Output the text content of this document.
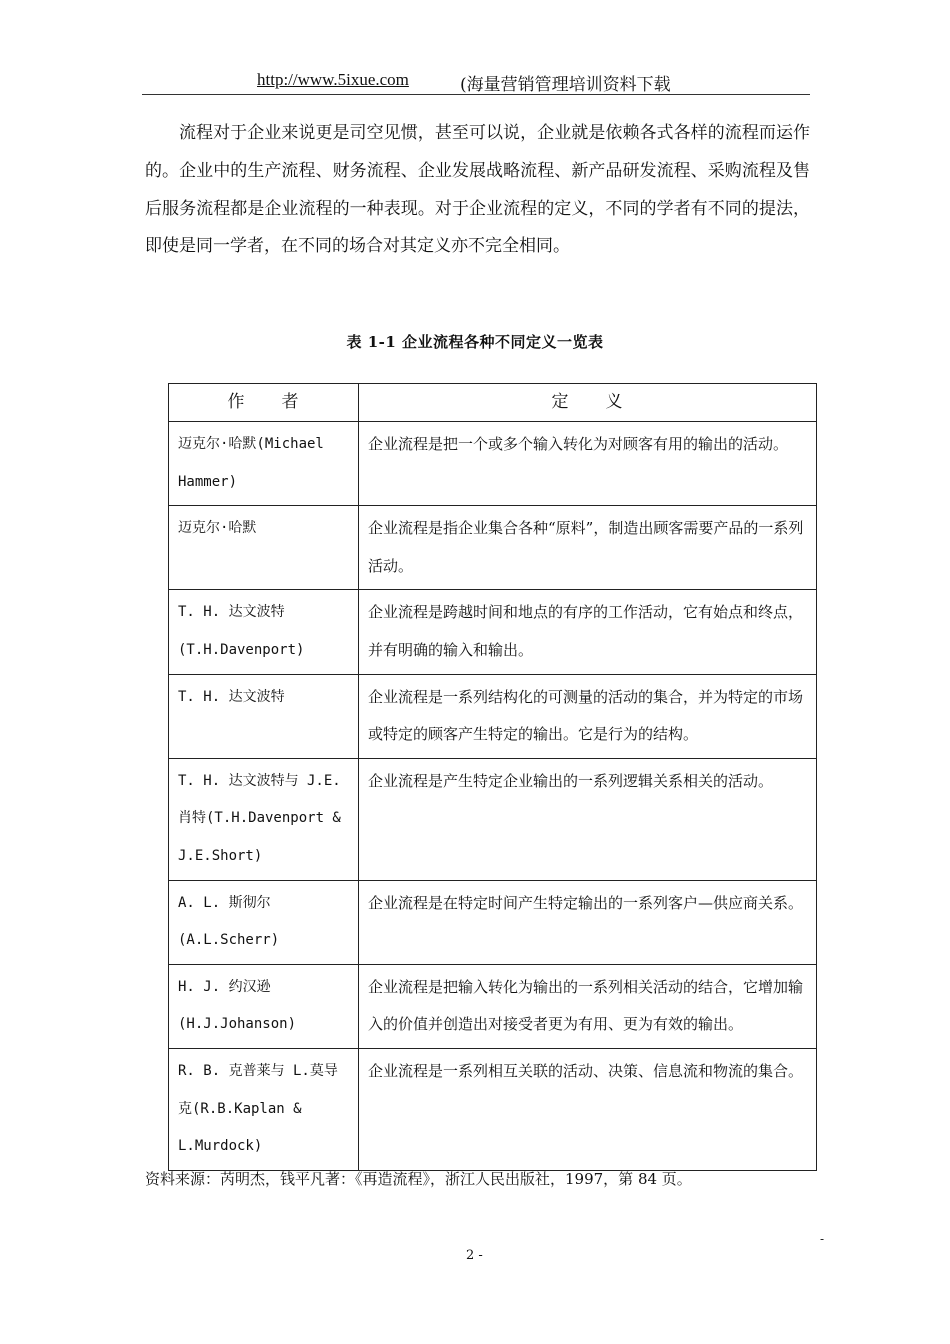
http://www.5ixue.com	(海量营销管理培训资料下载

流程对于企业来说更是司空见惯，甚至可以说，企业就是依赖各式各样的流程而运作的。企业中的生产流程、财务流程、企业发展战略流程、新产品研发流程、采购流程及售后服务流程都是企业流程的一种表现。对于企业流程的定义，不同的学者有不同的提法，即使是同一学者，在不同的场合对其定义亦不完全相同。

表 1-1 企业流程各种不同定义一览表
作　　者	定　　义
迈克尔·哈默(Michael Hammer)	企业流程是把一个或多个输入转化为对顾客有用的输出的活动。
迈克尔·哈默	企业流程是指企业集合各种“原料”，制造出顾客需要产品的一系列活动。
T. H. 达文波特 (T.H.Davenport)	企业流程是跨越时间和地点的有序的工作活动，它有始点和终点，并有明确的输入和输出。
T. H. 达文波特	企业流程是一系列结构化的可测量的活动的集合，并为特定的市场或特定的顾客产生特定的输出。它是行为的结构。
T. H. 达文波特与 J.E.肖特(T.H.Davenport & J.E.Short)	企业流程是产生特定企业输出的一系列逻辑关系相关的活动。
A. L. 斯彻尔 (A.L.Scherr)	企业流程是在特定时间产生特定输出的一系列客户—供应商关系。
H. J. 约汉逊 (H.J.Johanson)	企业流程是把输入转化为输出的一系列相关活动的结合，它增加输入的价值并创造出对接受者更为有用、更为有效的输出。
R. B. 克普莱与 L.莫导克(R.B.Kaplan & L.Murdock)	企业流程是一系列相互关联的活动、决策、信息流和物流的集合。
资料来源：芮明杰，钱平凡著：《再造流程》，浙江人民出版社，1997，第 84 页。
2 -
-
